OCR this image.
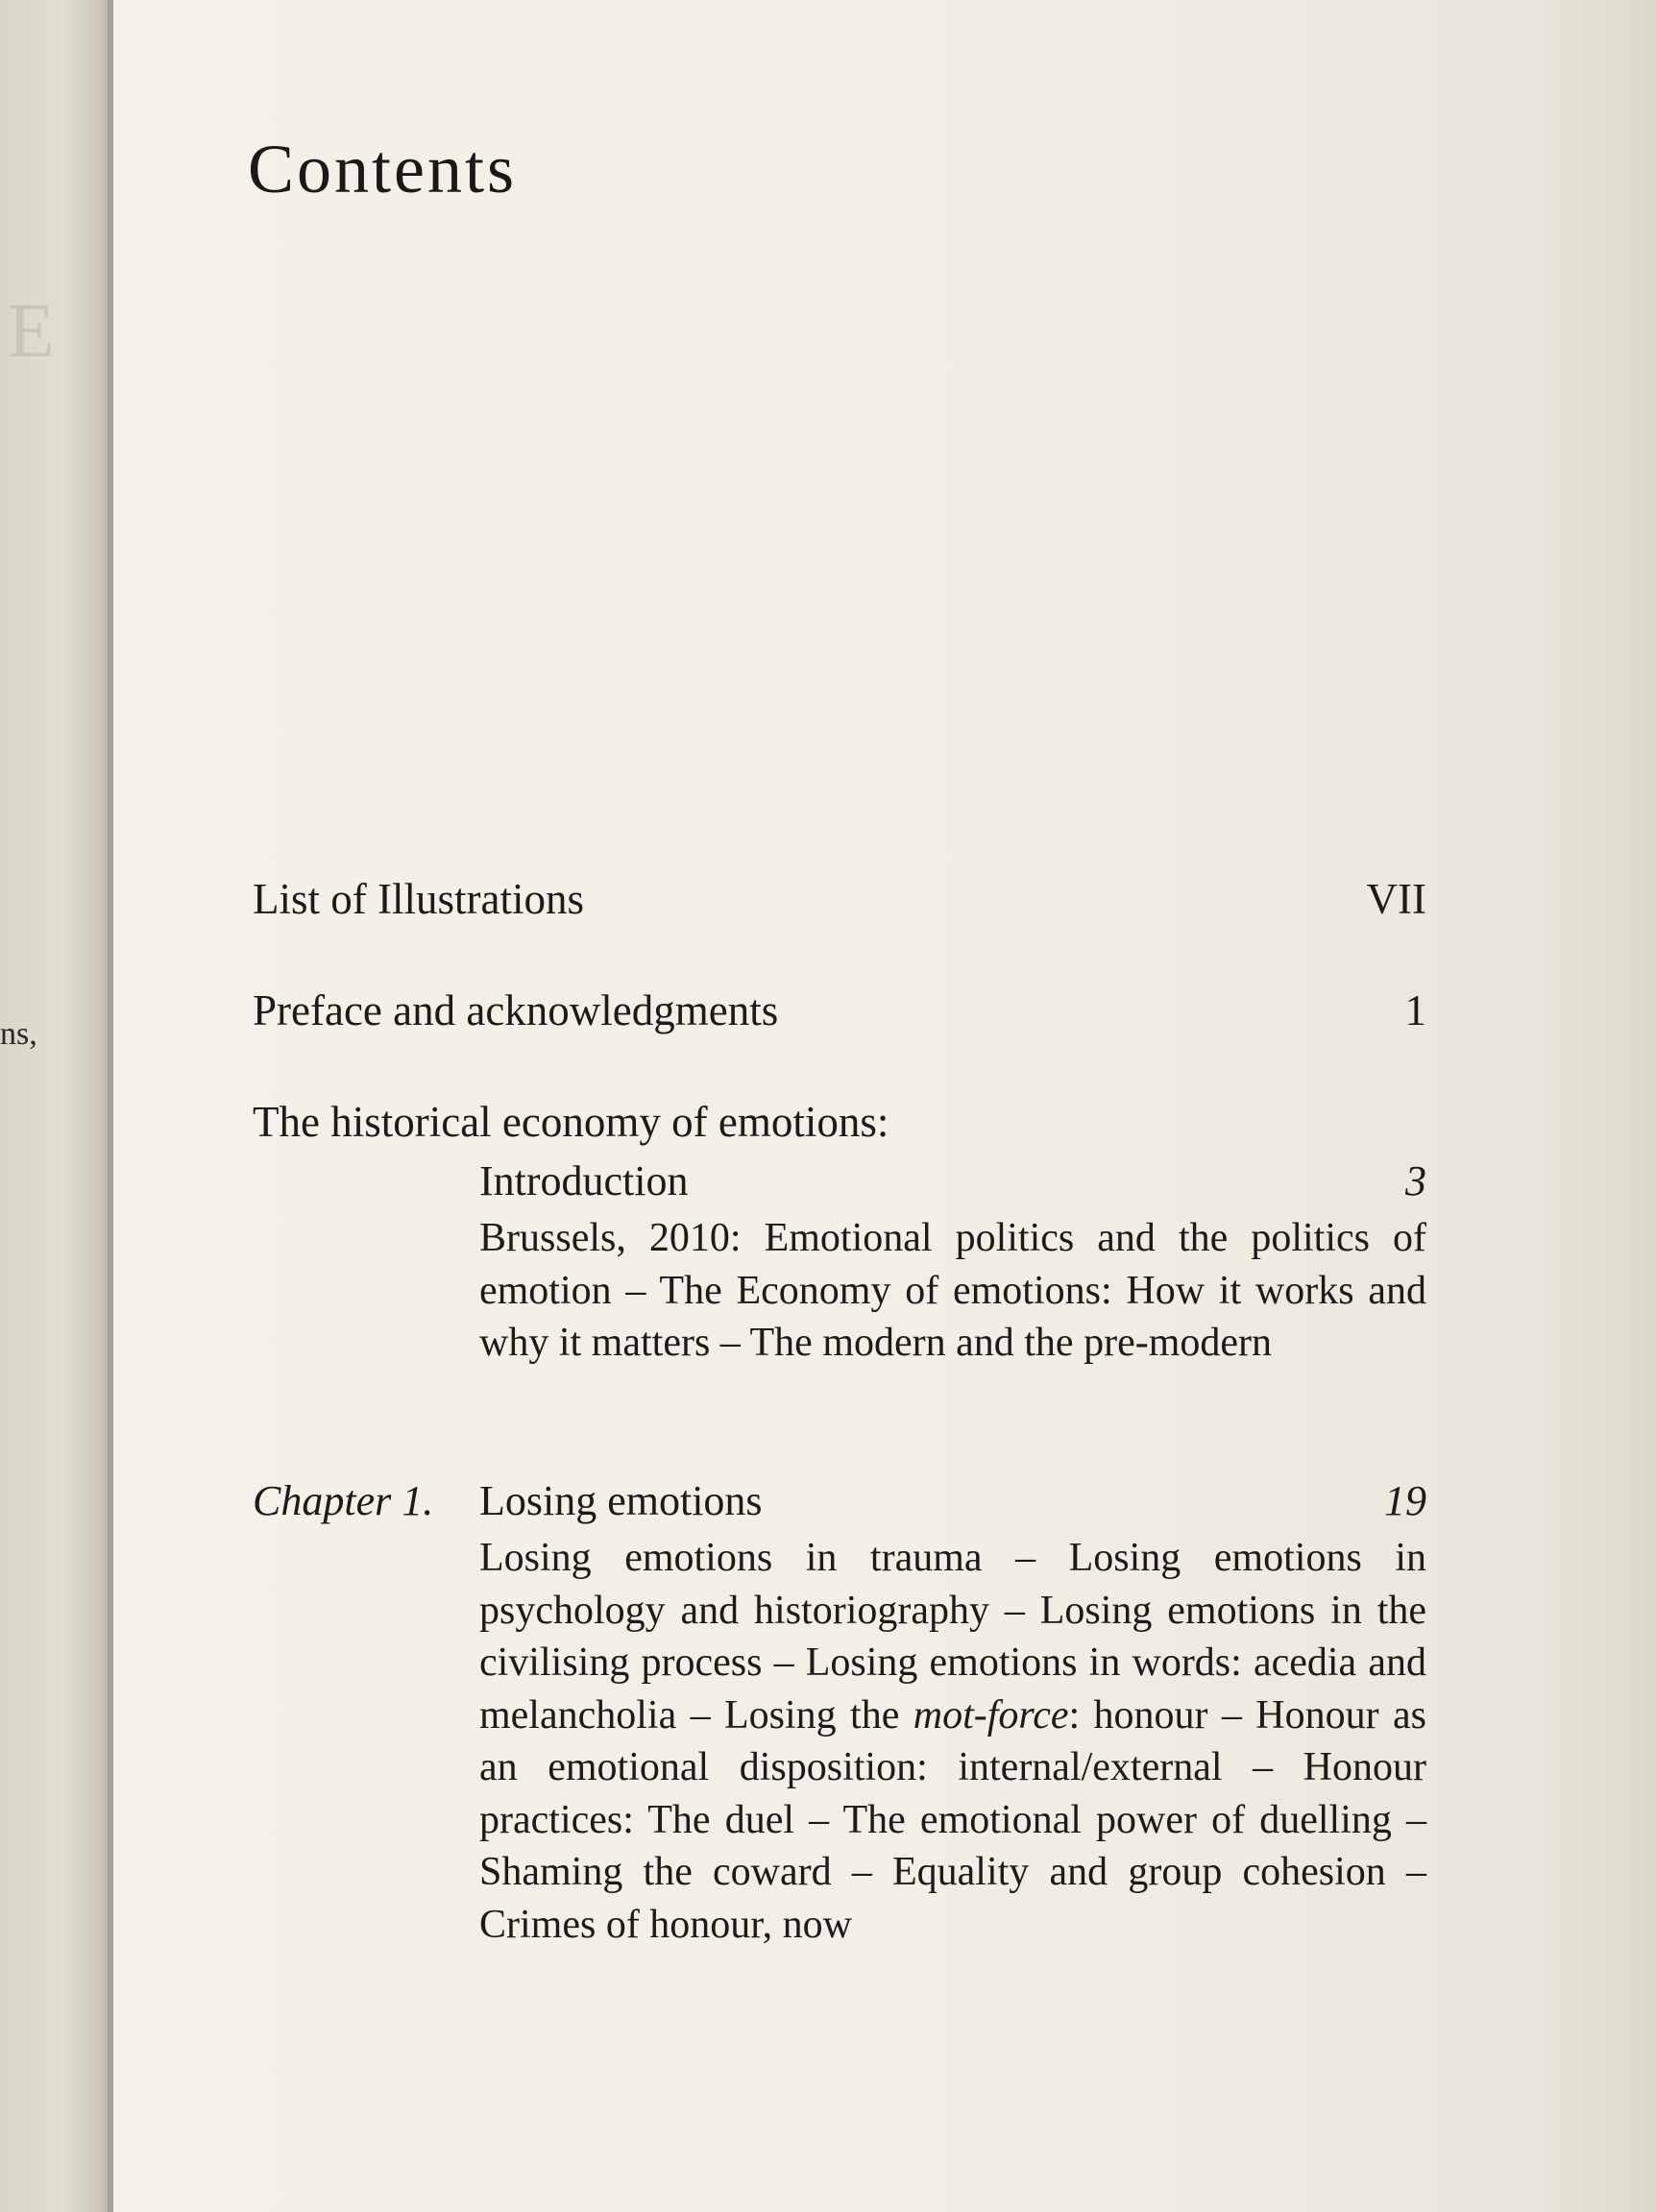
E
ns,
Contents
List of Illustrations	VII
Preface and acknowledgments	1
The historical economy of emotions:
Introduction	3
Brussels, 2010: Emotional politics and the politics of emotion – The Economy of emotions: How it works and why it matters – The modern and the pre-modern
Chapter 1. Losing emotions	19
Losing emotions in trauma – Losing emotions in psychology and historiography – Losing emotions in the civilising process – Losing emotions in words: acedia and melancholia – Losing the mot-force: honour – Honour as an emotional disposition: internal/external – Honour practices: The duel – The emotional power of duelling – Shaming the coward – Equality and group cohesion – Crimes of honour, now
